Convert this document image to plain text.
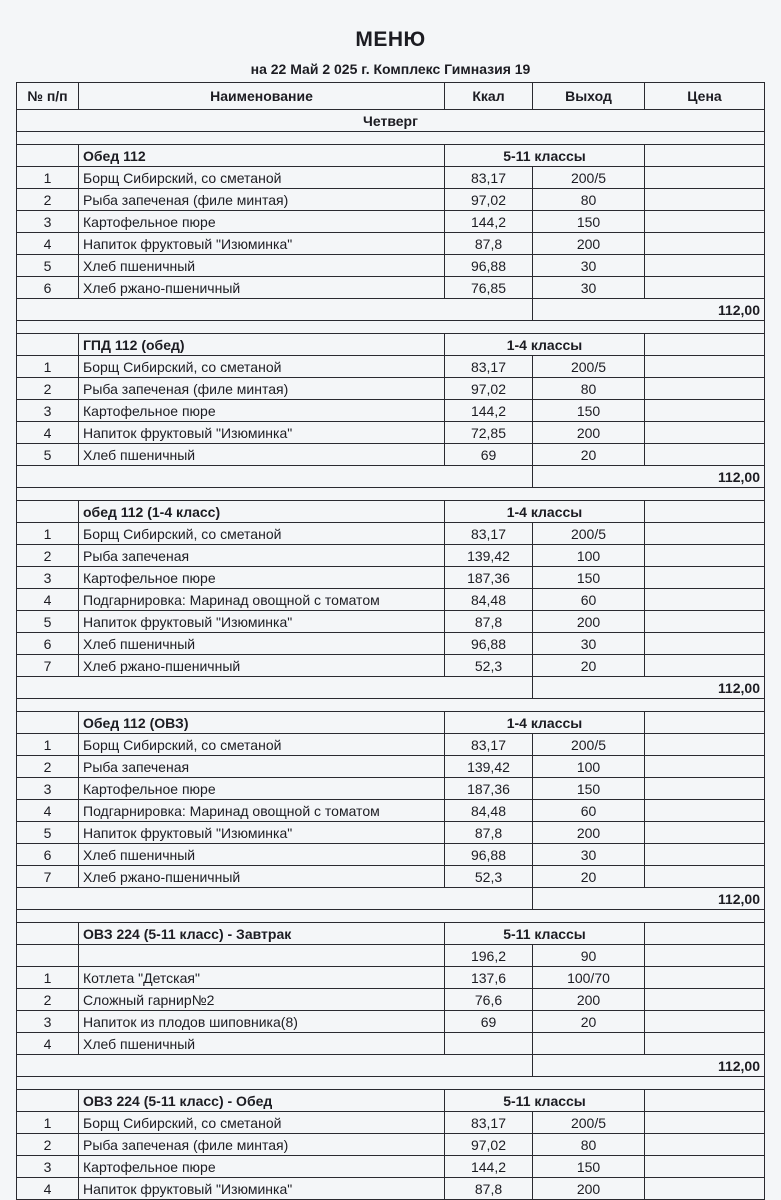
МЕНЮ
на 22 Май 2 025 г. Комплекс Гимназия 19
№ п/п	Наименование	Ккал	Выход	Цена
Четверг				

	Обед 112	5-11 классы		
1	Борщ Сибирский, со сметаной	83,17	200/5	
2	Рыба запеченая (филе минтая)	97,02	80	
3	Картофельное пюре	144,2	150	
4	Напиток фруктовый "Изюминка"	87,8	200	
5	Хлеб пшеничный	96,88	30	
6	Хлеб ржано-пшеничный	76,85	30	
			112,00	

	ГПД 112 (обед)	1-4 классы		
1	Борщ Сибирский, со сметаной	83,17	200/5	
2	Рыба запеченая (филе минтая)	97,02	80	
3	Картофельное пюре	144,2	150	
4	Напиток фруктовый "Изюминка"	72,85	200	
5	Хлеб пшеничный	69	20	
			112,00	

	обед 112 (1-4 класс)	1-4 классы		
1	Борщ Сибирский, со сметаной	83,17	200/5	
2	Рыба запеченая	139,42	100	
3	Картофельное пюре	187,36	150	
4	Подгарнировка: Маринад овощной с томатом	84,48	60	
5	Напиток фруктовый "Изюминка"	87,8	200	
6	Хлеб пшеничный	96,88	30	
7	Хлеб ржано-пшеничный	52,3	20	
			112,00	

	Обед 112 (ОВЗ)	1-4 классы		
1	Борщ Сибирский, со сметаной	83,17	200/5	
2	Рыба запеченая	139,42	100	
3	Картофельное пюре	187,36	150	
4	Подгарнировка: Маринад овощной с томатом	84,48	60	
5	Напиток фруктовый "Изюминка"	87,8	200	
6	Хлеб пшеничный	96,88	30	
7	Хлеб ржано-пшеничный	52,3	20	
			112,00	

	ОВЗ 224 (5-11 класс) - Завтрак	5-11 классы		
		196,2	90	
1	Котлета "Детская"	137,6	100/70	
2	Сложный гарнир№2	76,6	200	
3	Напиток из плодов шиповника(8)	69	20	
4	Хлеб пшеничный			
			112,00	

	ОВЗ 224 (5-11 класс) - Обед	5-11 классы		
1	Борщ Сибирский, со сметаной	83,17	200/5	
2	Рыба запеченая (филе минтая)	97,02	80	
3	Картофельное пюре	144,2	150	
4	Напиток фруктовый "Изюминка"	87,8	200	
